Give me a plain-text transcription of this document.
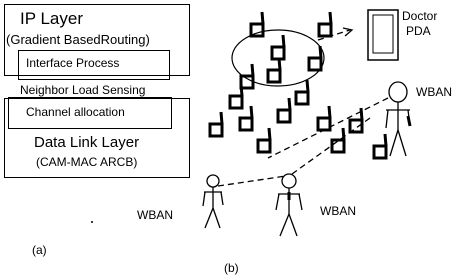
IP Layer
(Gradient BasedRouting)
Interface Process
Neighbor Load Sensing
Channel allocation
Data Link Layer
(CAM-MAC ARCB)
(a)
(b)
Doctor
PDA
WBAN
WBAN	WBAN
